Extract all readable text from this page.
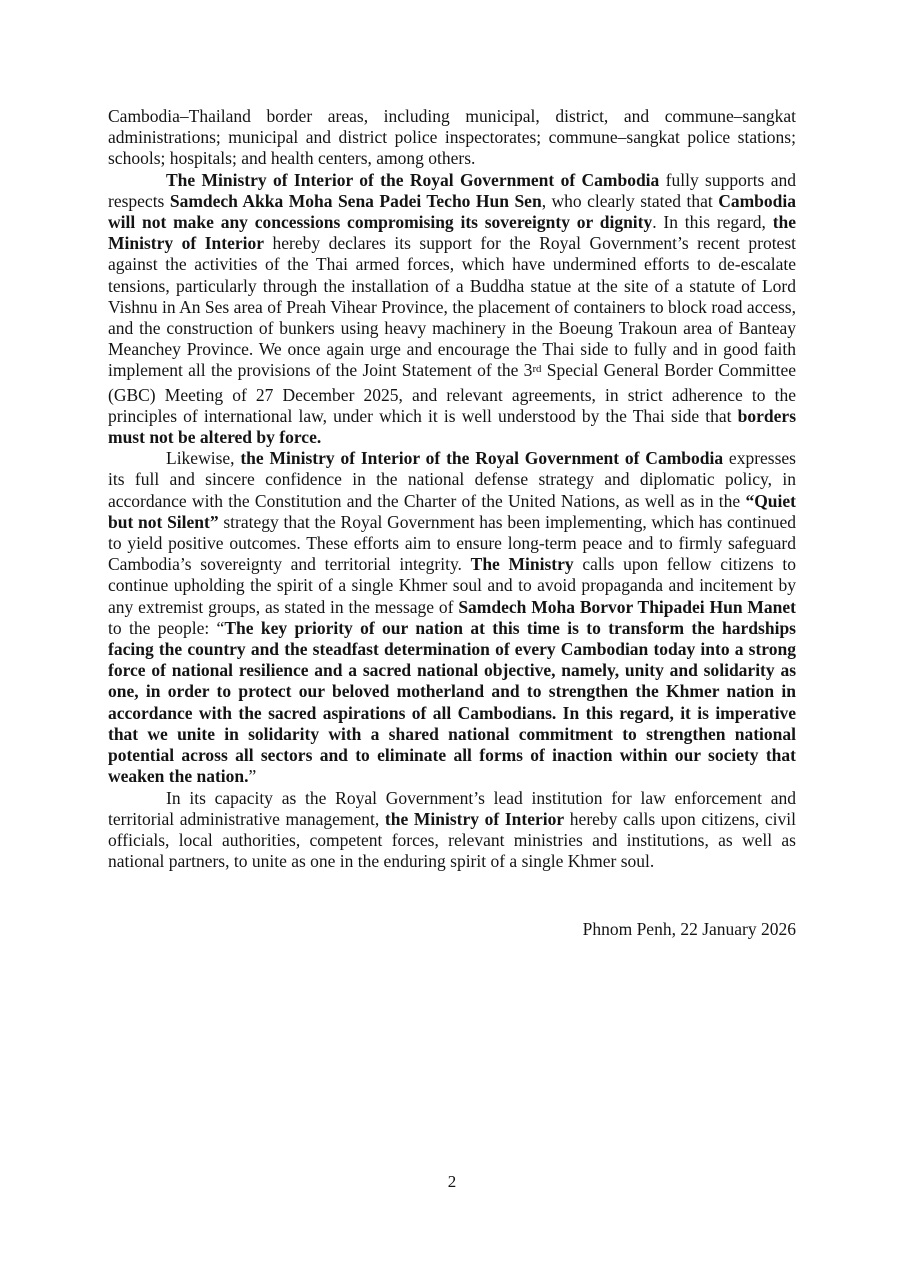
Cambodia–Thailand border areas, including municipal, district, and commune–sangkat administrations; municipal and district police inspectorates; commune–sangkat police stations; schools; hospitals; and health centers, among others.

The Ministry of Interior of the Royal Government of Cambodia fully supports and respects Samdech Akka Moha Sena Padei Techo Hun Sen, who clearly stated that Cambodia will not make any concessions compromising its sovereignty or dignity. In this regard, the Ministry of Interior hereby declares its support for the Royal Government’s recent protest against the activities of the Thai armed forces, which have undermined efforts to de-escalate tensions, particularly through the installation of a Buddha statue at the site of a statute of Lord Vishnu in An Ses area of Preah Vihear Province, the placement of containers to block road access, and the construction of bunkers using heavy machinery in the Boeung Trakoun area of Banteay Meanchey Province. We once again urge and encourage the Thai side to fully and in good faith implement all the provisions of the Joint Statement of the 3rd Special General Border Committee (GBC) Meeting of 27 December 2025, and relevant agreements, in strict adherence to the principles of international law, under which it is well understood by the Thai side that borders must not be altered by force.

Likewise, the Ministry of Interior of the Royal Government of Cambodia expresses its full and sincere confidence in the national defense strategy and diplomatic policy, in accordance with the Constitution and the Charter of the United Nations, as well as in the “Quiet but not Silent” strategy that the Royal Government has been implementing, which has continued to yield positive outcomes. These efforts aim to ensure long-term peace and to firmly safeguard Cambodia’s sovereignty and territorial integrity. The Ministry calls upon fellow citizens to continue upholding the spirit of a single Khmer soul and to avoid propaganda and incitement by any extremist groups, as stated in the message of Samdech Moha Borvor Thipadei Hun Manet to the people: “The key priority of our nation at this time is to transform the hardships facing the country and the steadfast determination of every Cambodian today into a strong force of national resilience and a sacred national objective, namely, unity and solidarity as one, in order to protect our beloved motherland and to strengthen the Khmer nation in accordance with the sacred aspirations of all Cambodians. In this regard, it is imperative that we unite in solidarity with a shared national commitment to strengthen national potential across all sectors and to eliminate all forms of inaction within our society that weaken the nation.”

In its capacity as the Royal Government’s lead institution for law enforcement and territorial administrative management, the Ministry of Interior hereby calls upon citizens, civil officials, local authorities, competent forces, relevant ministries and institutions, as well as national partners, to unite as one in the enduring spirit of a single Khmer soul.

Phnom Penh, 22 January 2026
2
